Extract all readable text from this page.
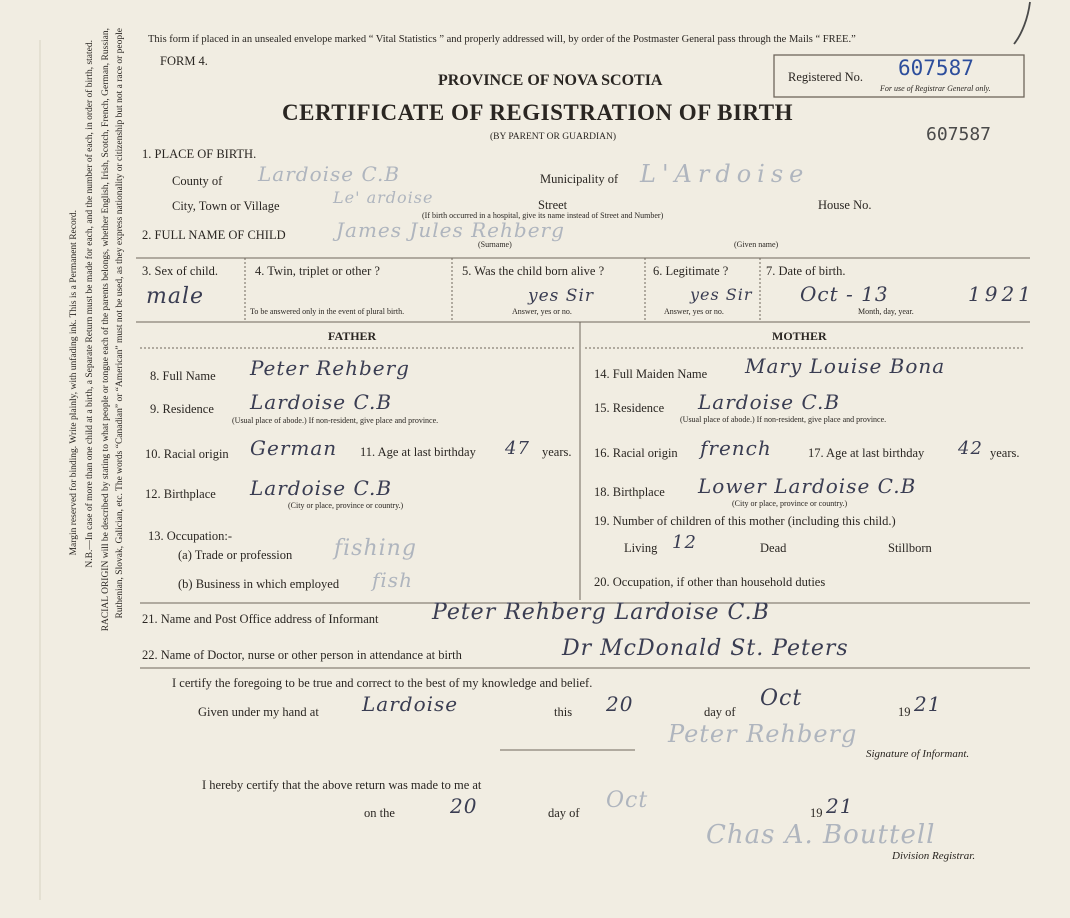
Margin reserved for binding. Write plainly, with unfading ink. This is a Permanent Record. N.B.—In case of more than one child at a birth, a Separate Return must be made for each, and the number of each, in order of birth, stated. RACIAL ORIGIN will be described by stating to what people or tongue each of the parents belongs, whether English, Irish, Scotch, French, German, Russian, Ruthenian, Slovak, Galician, etc. The words “Canadian” or “American” must not be used, as they express nationality or citizenship but not a race or people This form if placed in an unsealed envelope marked “ Vital Statistics ” and properly addressed will, by order of the Postmaster General pass through the Mails “ FREE.”
FORM 4.
PROVINCE OF NOVA SCOTIA
CERTIFICATE OF REGISTRATION OF BIRTH
(BY PARENT OR GUARDIAN)
Registered No. 607587
For use of Registrar General only.
607587
1. PLACE OF BIRTH.
County of Lardoise C.B	Municipality of L'Ardoise
City, Town or Village	Le' ardoise	Street	House No.
(If birth occurred in a hospital, give its name instead of Street and Number)
2. FULL NAME OF CHILD	James Jules Rehberg
(Surname)	(Given name)
3. Sex of child.
male
4. Twin, triplet or other ?
To be answered only in the event of plural birth.
5. Was the child born alive ?
yes Sir
Answer, yes or no.
6. Legitimate ?
yes Sir
Answer, yes or no.
7. Date of birth.
Oct - 13	1921
Month, day, year.
FATHER
8. Full Name Peter Rehberg
9. Residence Lardoise C.B
(Usual place of abode.) If non-resident, give place and province.
10. Racial origin German 11. Age at last birthday 47 years.
12. Birthplace Lardoise C.B
(City or place, province or country.)
13. Occupation:-
(a) Trade or profession fishing
(b) Business in which employed fish
MOTHER
14. Full Maiden Name Mary Louise Bona
15. Residence Lardoise C.B
(Usual place of abode.) If non-resident, give place and province.
16. Racial origin french	17. Age at last birthday 42 years.
18. Birthplace Lower Lardoise C.B
(City or place, province or country.)
19. Number of children of this mother (including this child.)
Living 12	Dead	Stillborn
20. Occupation, if other than household duties
21. Name and Post Office address of Informant Peter Rehberg Lardoise C.B
22. Name of Doctor, nurse or other person in attendance at birth	Dr McDonald St. Peters
I certify the foregoing to be true and correct to the best of my knowledge and belief.
Given under my hand at Lardoise	this 20	day of
Oct
19 21
Peter Rehberg
Signature of Informant.
I hereby certify that the above return was made to me at
on the	20	day of Oct	19 21
Chas A. Bouttell
Division Registrar.
